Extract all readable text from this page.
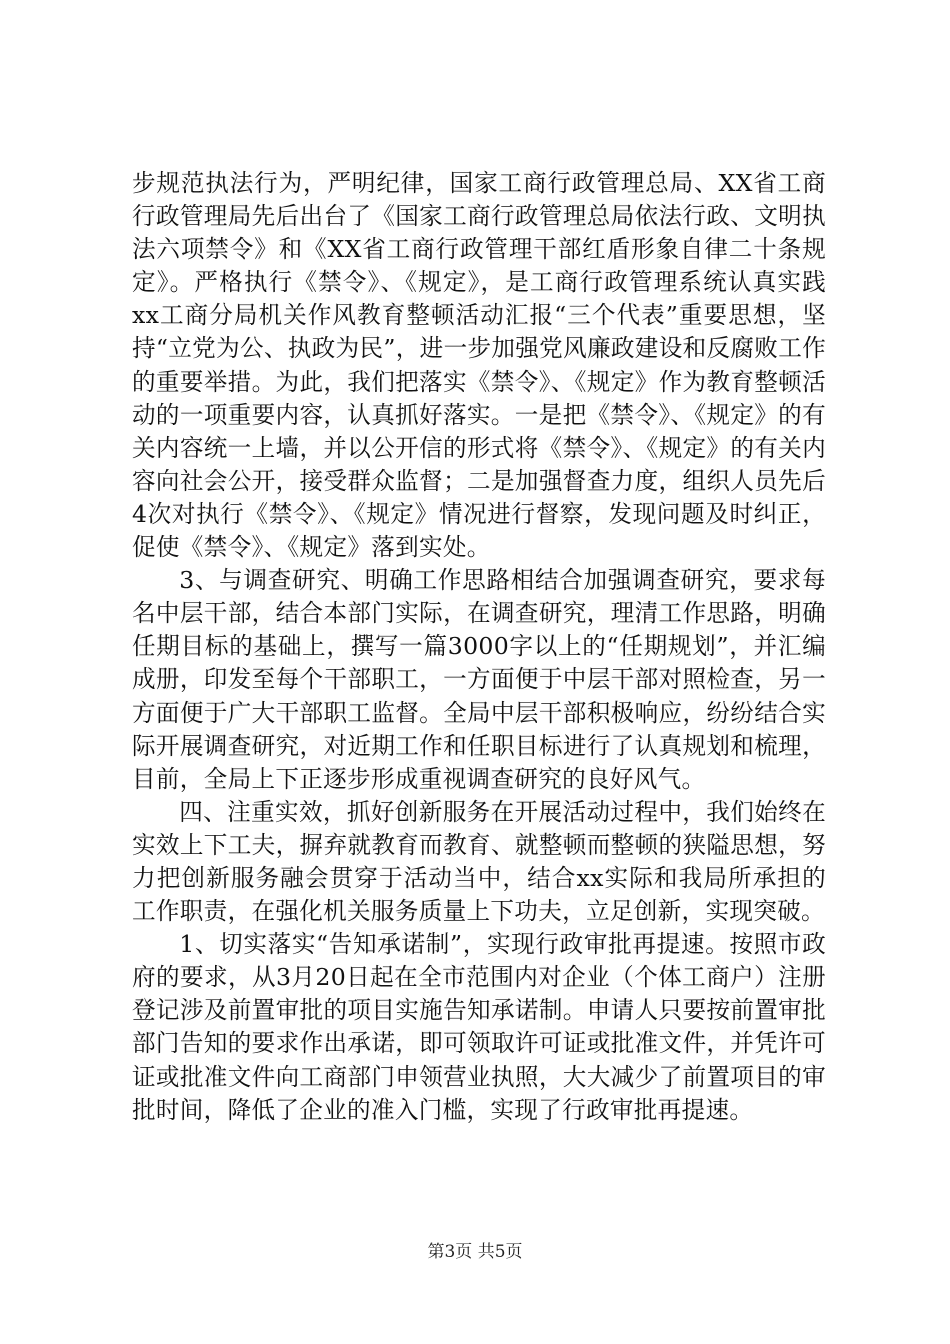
步规范执法行为，严明纪律，国家工商行政管理总局、XX省工商行政管理局先后出台了《国家工商行政管理总局依法行政、文明执法六项禁令》和《XX省工商行政管理干部红盾形象自律二十条规定》。严格执行《禁令》、《规定》，是工商行政管理系统认真实践xx工商分局机关作风教育整顿活动汇报“三个代表”重要思想，坚持“立党为公、执政为民”，进一步加强党风廉政建设和反腐败工作的重要举措。为此，我们把落实《禁令》、《规定》作为教育整顿活动的一项重要内容，认真抓好落实。一是把《禁令》、《规定》的有关内容统一上墙，并以公开信的形式将《禁令》、《规定》的有关内容向社会公开，接受群众监督；二是加强督查力度，组织人员先后4次对执行《禁令》、《规定》情况进行督察，发现问题及时纠正，促使《禁令》、《规定》落到实处。

3、与调查研究、明确工作思路相结合加强调查研究，要求每名中层干部，结合本部门实际，在调查研究，理清工作思路，明确任期目标的基础上，撰写一篇3000字以上的“任期规划”，并汇编成册，印发至每个干部职工，一方面便于中层干部对照检查，另一方面便于广大干部职工监督。全局中层干部积极响应，纷纷结合实际开展调查研究，对近期工作和任职目标进行了认真规划和梳理，目前，全局上下正逐步形成重视调查研究的良好风气。

四、注重实效，抓好创新服务在开展活动过程中，我们始终在实效上下工夫，摒弃就教育而教育、就整顿而整顿的狭隘思想，努力把创新服务融会贯穿于活动当中，结合xx实际和我局所承担的工作职责，在强化机关服务质量上下功夫，立足创新，实现突破。

1、切实落实“告知承诺制”，实现行政审批再提速。按照市政府的要求，从3月20日起在全市范围内对企业（个体工商户）注册登记涉及前置审批的项目实施告知承诺制。申请人只要按前置审批部门告知的要求作出承诺，即可领取许可证或批准文件，并凭许可证或批准文件向工商部门申领营业执照，大大减少了前置项目的审批时间，降低了企业的准入门槛，实现了行政审批再提速。

第3页 共5页
